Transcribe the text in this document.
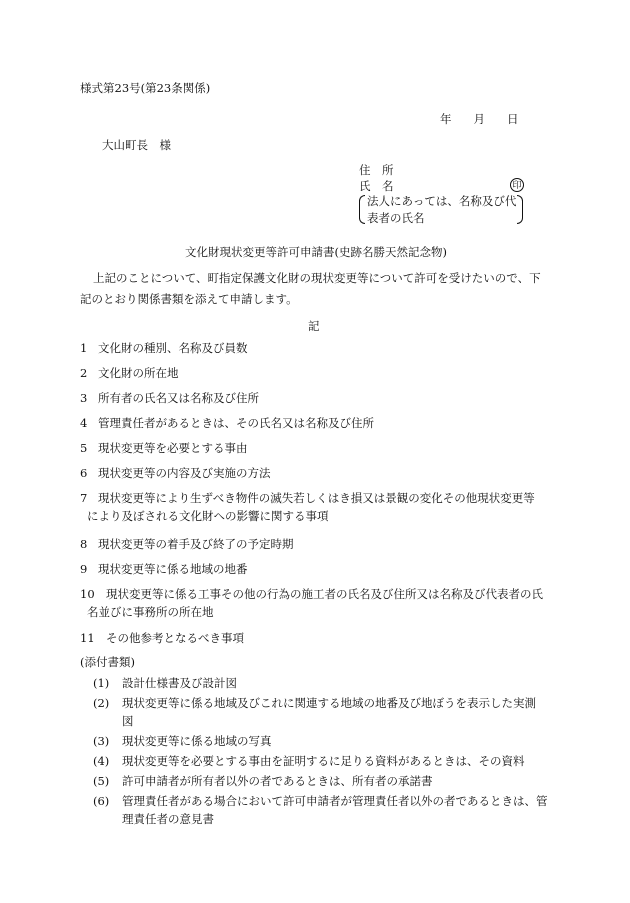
様式第23号(第23条関係)
年 月 日
大山町長　様
住　所
氏　名	印
法人にあっては、名称及び代
表者の氏名
文化財現状変更等許可申請書(史跡名勝天然記念物)
上記のことについて、町指定保護文化財の現状変更等について許可を受けたいので、下
記のとおり関係書類を添えて申請します。
記
1 文化財の種別、名称及び員数
2 文化財の所在地
3 所有者の氏名又は名称及び住所
4 管理責任者があるときは、その氏名又は名称及び住所
5 現状変更等を必要とする事由
6 現状変更等の内容及び実施の方法
7 現状変更等により生ずべき物件の滅失若しくはき損又は景観の変化その他現状変更等
により及ぼされる文化財への影響に関する事項
8 現状変更等の着手及び終了の予定時期
9 現状変更等に係る地域の地番
10 現状変更等に係る工事その他の行為の施工者の氏名及び住所又は名称及び代表者の氏
名並びに事務所の所在地
11 その他参考となるべき事項
(添付書類)
(1) 設計仕様書及び設計図
(2) 現状変更等に係る地域及びこれに関連する地域の地番及び地ぼうを表示した実測
図
(3) 現状変更等に係る地域の写真
(4) 現状変更等を必要とする事由を証明するに足りる資料があるときは、その資料
(5) 許可申請者が所有者以外の者であるときは、所有者の承諾書
(6) 管理責任者がある場合において許可申請者が管理責任者以外の者であるときは、管
理責任者の意見書
